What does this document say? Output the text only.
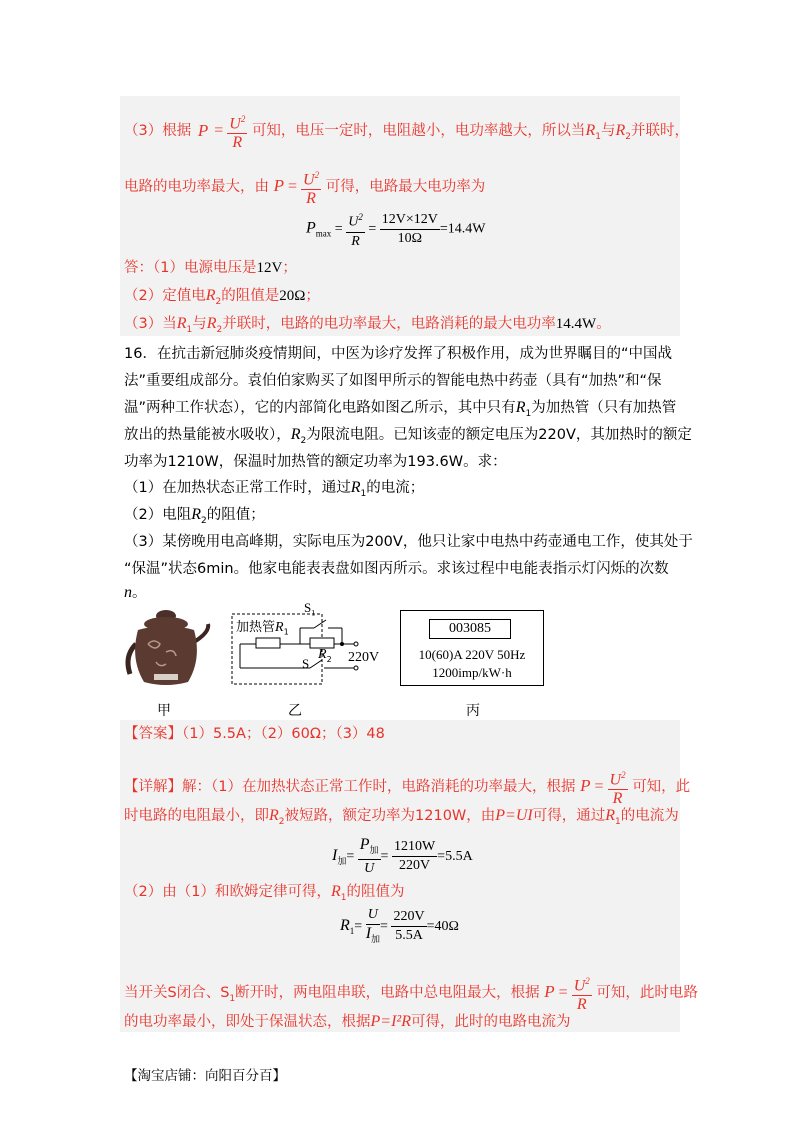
（3）根据 $P = \frac{U^2}{R}$ 可知，电压一定时，电阻越小，电功率越大，所以当$R_1$与$R_2$并联时，
电路的电功率最大，由 $P = \frac{U^2}{R}$ 可得，电路最大电功率为
$P_{max} = \frac{U^2}{R} = \frac{12V\times 12V}{10\Omega} =14.4W$
答：（1）电源电压是12V；
（2）定值电$R_2$的阻值是20Ω；
（3）当$R_1$与$R_2$并联时，电路的电功率最大，电路消耗的最大电功率14.4W。
16．在抗击新冠肺炎疫情期间，中医为诊疗发挥了积极作用，成为世界瞩目的“中国战
法”重要组成部分。袁伯伯家购买了如图甲所示的智能电热中药壶（具有“加热”和“保
温”两种工作状态），它的内部简化电路如图乙所示，其中只有$R_1$为加热管（只有加热管
放出的热量能被水吸收），$R_2$为限流电阻。已知该壶的额定电压为220V，其加热时的额定
功率为1210W，保温时加热管的额定功率为193.6W。求：
（1）在加热状态正常工作时，通过$R_1$的电流；
（2）电阻$R_2$的阻值；
（3）某傍晚用电高峰期，实际电压为200V，他只让家中电热中药壶通电工作，使其处于
“保温”状态6min。他家电能表表盘如图丙所示。求该过程中电能表指示灯闪烁的次数
n。
加热管$R_1$
$S_1$
$R_2$
S	220V
003085
10(60)A 220V 50Hz
1200imp/kW·h
甲	乙	丙
【答案】（1）5.5A；（2）60Ω；（3）48
【详解】解：（1）在加热状态正常工作时，电路消耗的功率最大，根据 $P = \frac{U^2}{R}$ 可知，此
时电路的电阻最小，即$R_2$被短路，额定功率为1210W，由P=UI可得，通过$R_1$的电流为
$I_加= \frac{P_加}{U} = \frac{1210W}{220V} =5.5A$
（2）由（1）和欧姆定律可得，$R_1$的阻值为
$R_1= \frac{U}{I_加} = \frac{220V}{5.5A} =40\Omega$
当开关S闭合、$S_1$断开时，两电阻串联，电路中总电阻最大，根据 $P = \frac{U^2}{R}$ 可知，此时电路
的电功率最小，即处于保温状态，根据P=I²R可得，此时的电路电流为
【淘宝店铺：向阳百分百】
